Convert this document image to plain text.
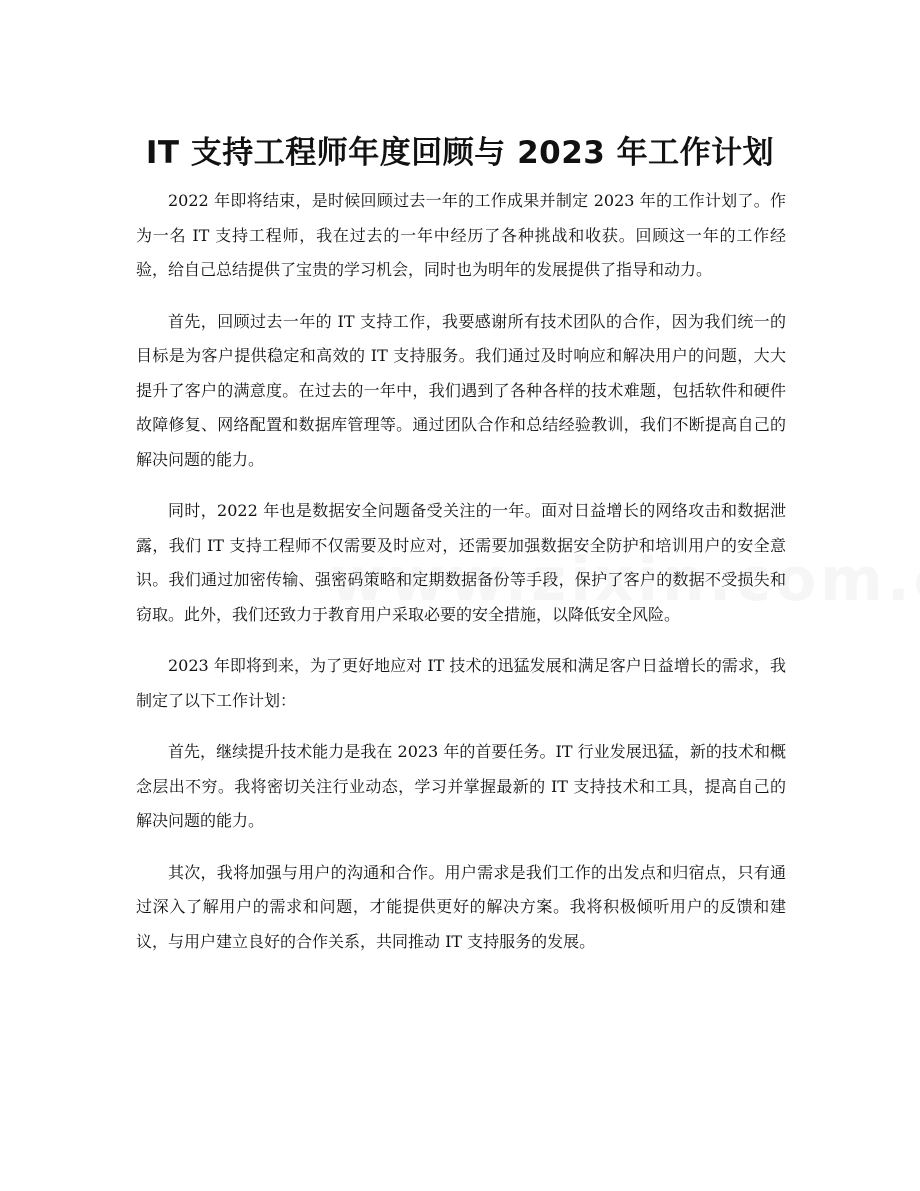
IT 支持工程师年度回顾与 2023 年工作计划

2022 年即将结束，是时候回顾过去一年的工作成果并制定 2023 年的工作计划了。作为一名 IT 支持工程师，我在过去的一年中经历了各种挑战和收获。回顾这一年的工作经验，给自己总结提供了宝贵的学习机会，同时也为明年的发展提供了指导和动力。

首先，回顾过去一年的 IT 支持工作，我要感谢所有技术团队的合作，因为我们统一的目标是为客户提供稳定和高效的 IT 支持服务。我们通过及时响应和解决用户的问题，大大提升了客户的满意度。在过去的一年中，我们遇到了各种各样的技术难题，包括软件和硬件故障修复、网络配置和数据库管理等。通过团队合作和总结经验教训，我们不断提高自己的解决问题的能力。

同时，2022 年也是数据安全问题备受关注的一年。面对日益增长的网络攻击和数据泄露，我们 IT 支持工程师不仅需要及时应对，还需要加强数据安全防护和培训用户的安全意识。我们通过加密传输、强密码策略和定期数据备份等手段，保护了客户的数据不受损失和窃取。此外，我们还致力于教育用户采取必要的安全措施，以降低安全风险。

2023 年即将到来，为了更好地应对 IT 技术的迅猛发展和满足客户日益增长的需求，我制定了以下工作计划：

首先，继续提升技术能力是我在 2023 年的首要任务。IT 行业发展迅猛，新的技术和概念层出不穷。我将密切关注行业动态，学习并掌握最新的 IT 支持技术和工具，提高自己的解决问题的能力。

其次，我将加强与用户的沟通和合作。用户需求是我们工作的出发点和归宿点，只有通过深入了解用户的需求和问题，才能提供更好的解决方案。我将积极倾听用户的反馈和建议，与用户建立良好的合作关系，共同推动 IT 支持服务的发展。
